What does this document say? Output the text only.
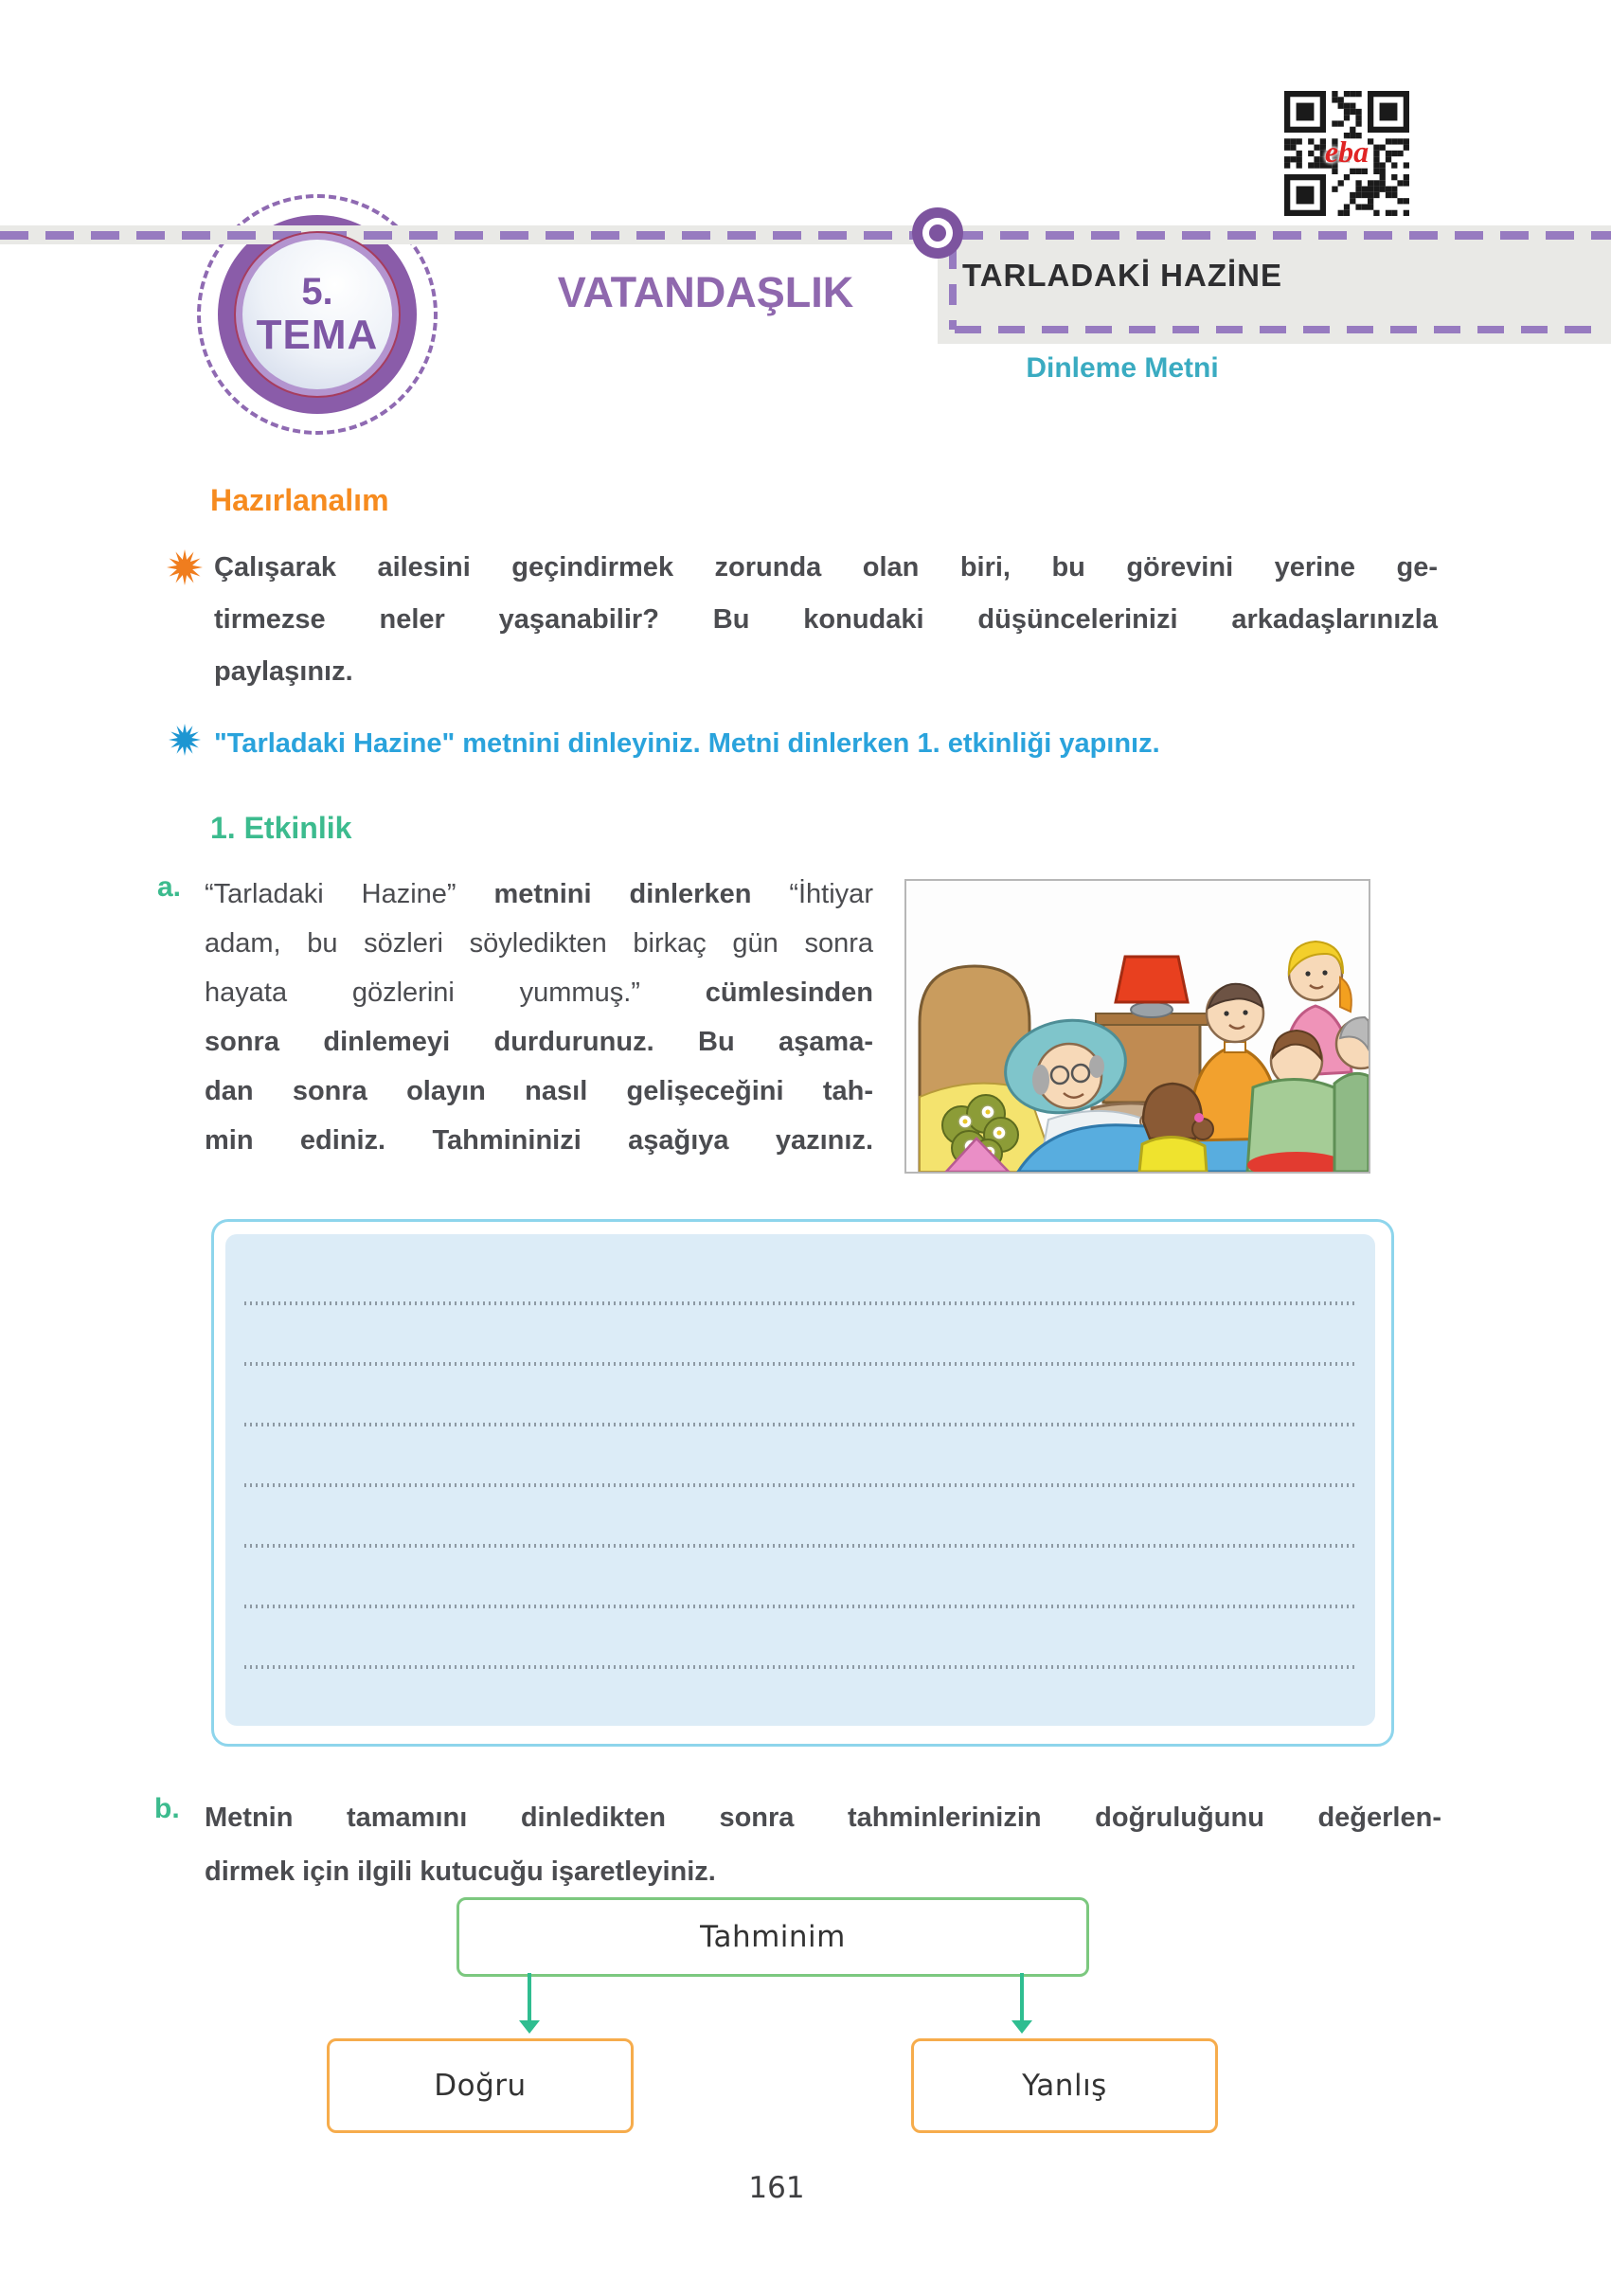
5.
TEMA
eba
VATANDAŞLIK	TARLADAKİ HAZİNE
Dinleme Metni
Hazırlanalım
Çalışarak ailesini geçindirmek zorunda olan biri, bu görevini yerine ge-
tirmezse neler yaşanabilir? Bu konudaki düşüncelerinizi arkadaşlarınızla
paylaşınız.
"Tarladaki Hazine" metnini dinleyiniz. Metni dinlerken 1. etkinliği yapınız.
1. Etkinlik
a. “Tarladaki Hazine” metnini dinlerken “İhtiyar
adam, bu sözleri söyledikten birkaç gün sonra
hayata gözlerini yummuş.” cümlesinden
sonra dinlemeyi durdurunuz. Bu aşama-
dan sonra olayın nasıl gelişeceğini tah-
min ediniz. Tahmininizi aşağıya yazınız.
b. Metnin tamamını dinledikten sonra tahminlerinizin doğruluğunu değerlen-
dirmek için ilgili kutucuğu işaretleyiniz.
Tahminim
Doğru	Yanlış
161
